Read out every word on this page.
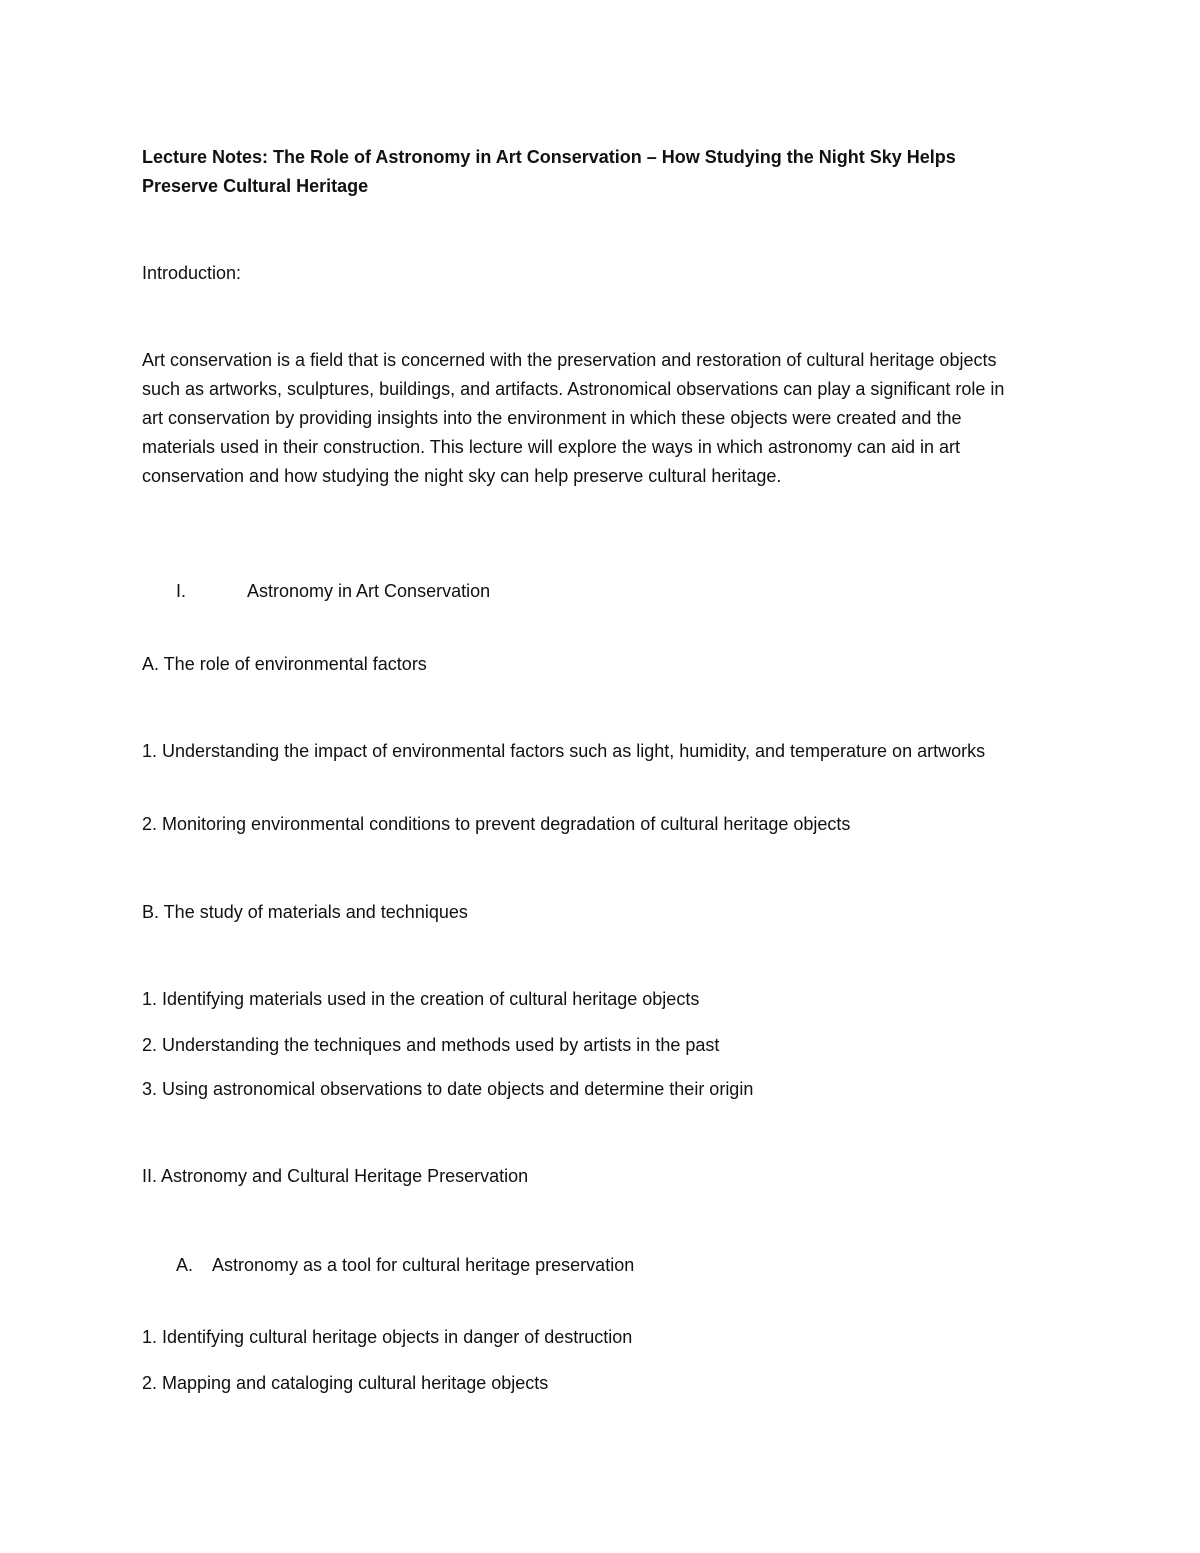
Lecture Notes: The Role of Astronomy in Art Conservation – How Studying the Night Sky Helps Preserve Cultural Heritage

Introduction:

Art conservation is a field that is concerned with the preservation and restoration of cultural heritage objects such as artworks, sculptures, buildings, and artifacts. Astronomical observations can play a significant role in art conservation by providing insights into the environment in which these objects were created and the materials used in their construction. This lecture will explore the ways in which astronomy can aid in art conservation and how studying the night sky can help preserve cultural heritage.

I.	Astronomy in Art Conservation

A. The role of environmental factors

1. Understanding the impact of environmental factors such as light, humidity, and temperature on artworks

2. Monitoring environmental conditions to prevent degradation of cultural heritage objects

B. The study of materials and techniques

1. Identifying materials used in the creation of cultural heritage objects

2. Understanding the techniques and methods used by artists in the past

3. Using astronomical observations to date objects and determine their origin

II. Astronomy and Cultural Heritage Preservation

A. Astronomy as a tool for cultural heritage preservation

1. Identifying cultural heritage objects in danger of destruction

2. Mapping and cataloging cultural heritage objects
